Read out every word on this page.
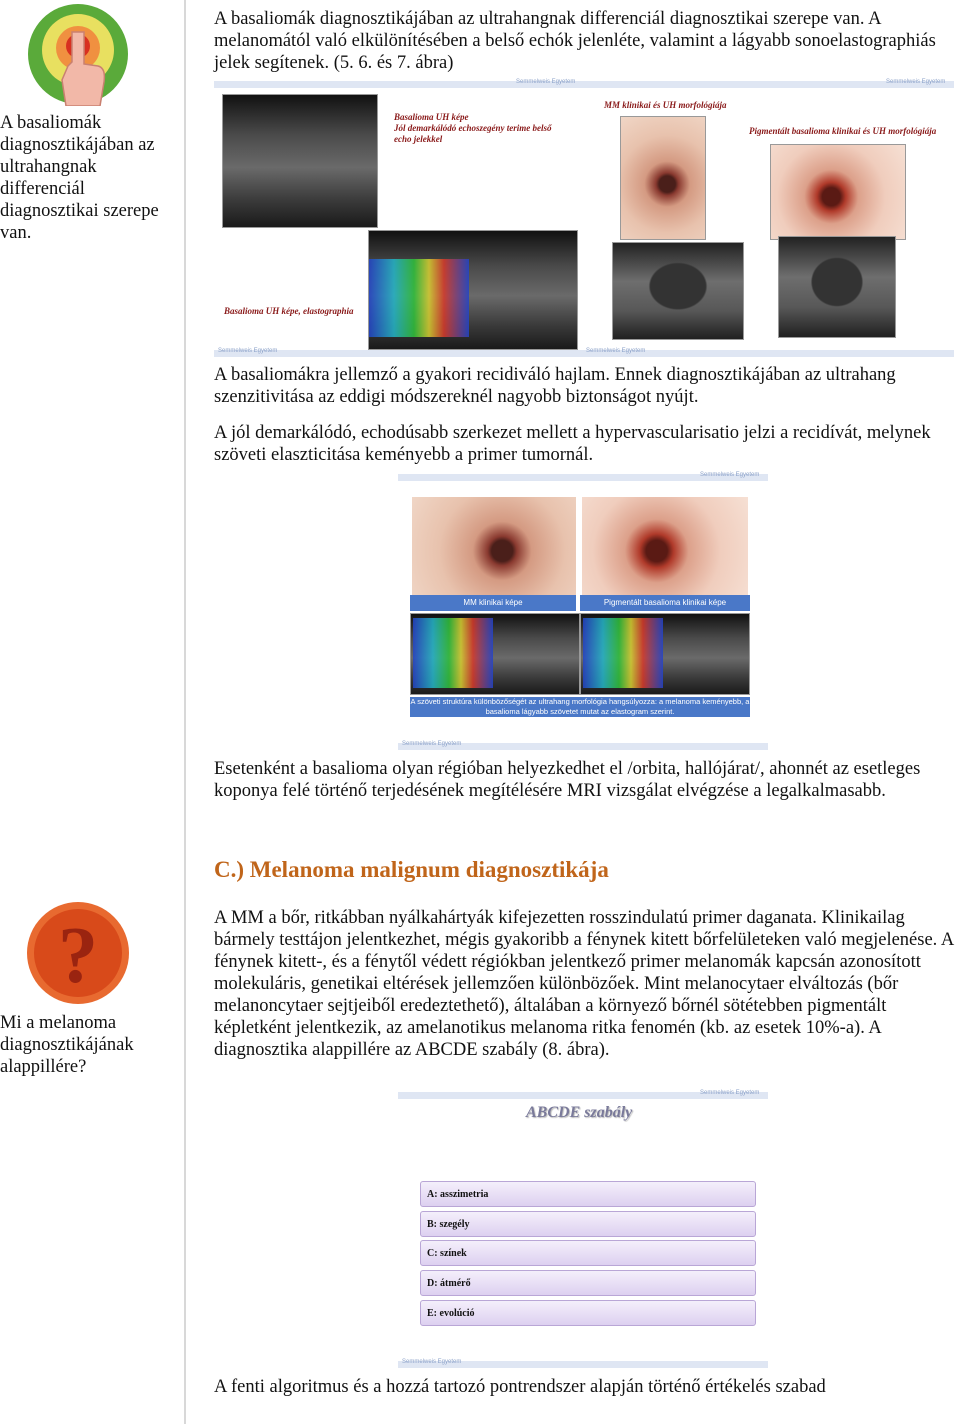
A basaliomák diagnosztikájában az ultrahangnak differenciál diagnosztikai szerepe van.
?
Mi a melanoma diagnosztikájának alappillére?
A basaliomák diagnosztikájában az ultrahangnak differenciál diagnosztikai szerepe van. A melanomától való elkülönítésében a belső echók jelenléte, valamint a lágyabb sonoelastographiás jelek segítenek. (5. 6. és 7. ábra)
Semmelweis Egyetem	Semmelweis Egyetem
Basalioma UH képe
Jól demarkálódó echoszegény terime belső echo jelekkel
MM klinikai és UH morfológiája
Pigmentált basalioma klinikai és UH morfológiája
Basalioma UH képe, elastographia
Semmelweis Egyetem	Semmelweis Egyetem
A basaliomákra jellemző a gyakori recidiváló hajlam. Ennek diagnosztikájában az ultrahang szenzitivitása az eddigi módszereknél nagyobb biztonságot nyújt.
A jól demarkálódó, echodúsabb szerkezet mellett a hypervascularisatio jelzi a recidívát, melynek szöveti elaszticitása keményebb a primer tumornál.
Semmelweis Egyetem
MM klinikai képe	Pigmentált basalioma klinikai képe
A szöveti struktúra különbözőségét az ultrahang morfológia hangsúlyozza: a melanoma keményebb, a basalioma lágyabb szövetet mutat az elastogram szerint.
Semmelweis Egyetem
Esetenként a basalioma olyan régióban helyezkedhet el /orbita, hallójárat/, ahonnét az esetleges koponya felé történő terjedésének megítélésére MRI vizsgálat elvégzése a legalkalmasabb.
C.) Melanoma malignum diagnosztikája
A MM a bőr, ritkábban nyálkahártyák kifejezetten rosszindulatú primer daganata. Klinikailag bármely testtájon jelentkezhet, mégis gyakoribb a fénynek kitett bőrfelületeken való megjelenése. A fénynek kitett-, és a fénytől védett régiókban jelentkező primer melanomák kapcsán azonosított molekuláris, genetikai eltérések jellemzően különbözőek. Mint melanocytaer elváltozás (bőr melanoncytaer sejtjeiből eredeztethető), általában a környező bőrnél sötétebben pigmentált képletként jelentkezik, az amelanotikus melanoma ritka fenomén (kb. az esetek 10%-a). A diagnosztika alappillére az ABCDE szabály (8. ábra).
Semmelweis Egyetem
ABCDE szabály
A: asszimetria
B: szegély
C: színek
D: átmérő
E: evolúció
Semmelweis Egyetem
A fenti algoritmus és a hozzá tartozó pontrendszer alapján történő értékelés szabad
